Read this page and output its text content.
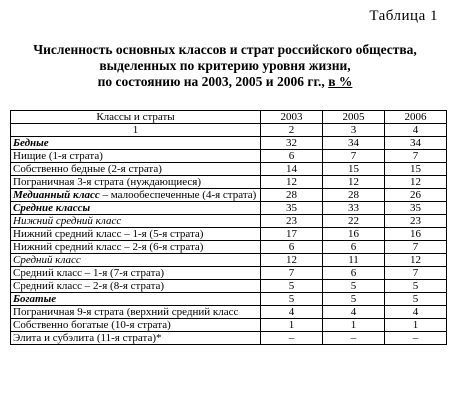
Таблица 1
Численность основных классов и страт российского общества,
выделенных по критерию уровня жизни,
по состоянию на 2003, 2005 и 2006 гг., в %
Классы и страты	2003	2005	2006
1	2	3	4
Бедные	32	34	34
Нищие (1-я страта)	6	7	7
Собственно бедные (2-я страта)	14	15	15
Пограничная 3-я страта (нуждающиеся)	12	12	12
Медианный класс – малообеспеченные (4-я страта)	28	28	26
Средние классы	35	33	35
Нижний средний класс	23	22	23
Нижний средний класс – 1-я (5-я страта)	17	16	16
Нижний средний класс – 2-я (6-я страта)	6	6	7
Средний класс	12	11	12
Средний класс – 1-я (7-я страта)	7	6	7
Средний класс – 2-я (8-я страта)	5	5	5
Богатые	5	5	5
Пограничная 9-я страта (верхний средний класс	4	4	4
Собственно богатые (10-я страта)	1	1	1
Элита и субэлита (11-я страта)*	–	–	–
